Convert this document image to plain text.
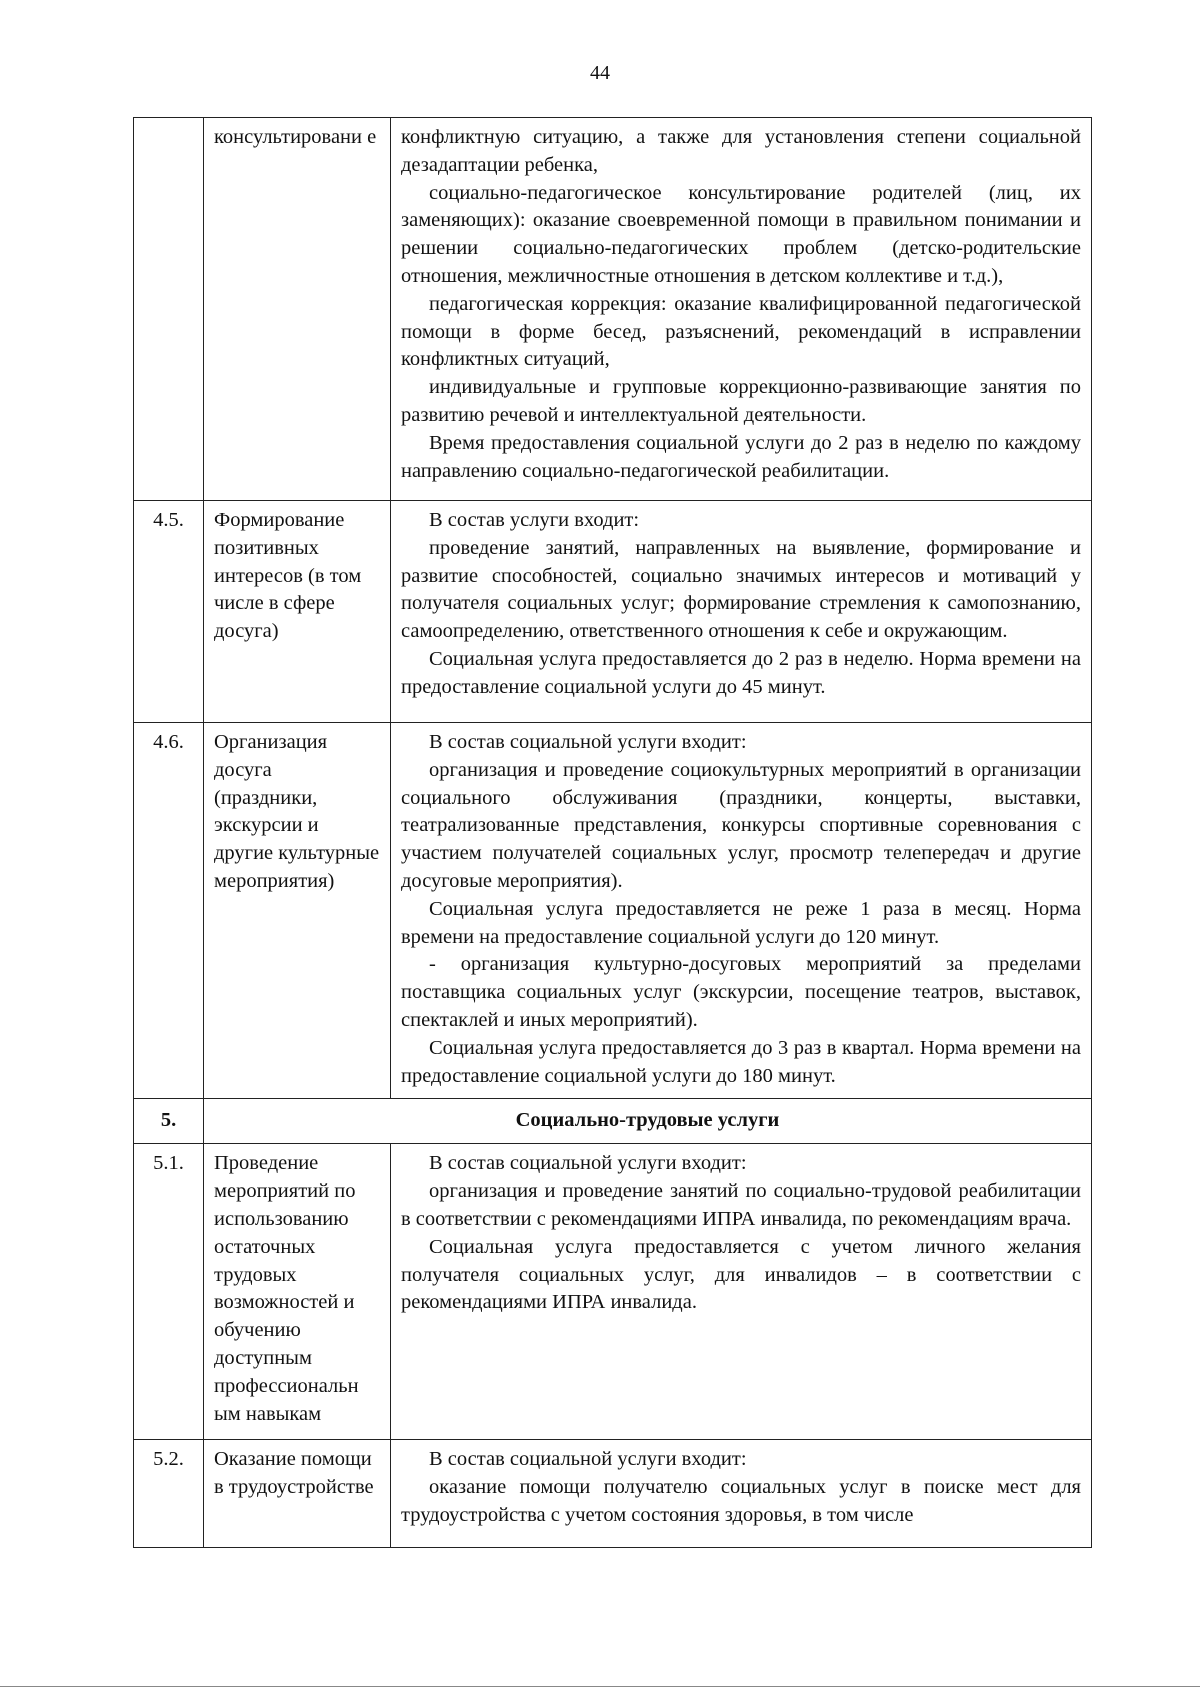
44
	консультировани е	конфликтную ситуацию, а также для установления степени социальной дезадаптации ребенка,

социально-педагогическое консультирование родителей (лиц, их заменяющих): оказание своевременной помощи в правильном понимании и решении социально-педагогических проблем (детско-родительские отношения, межличностные отношения в детском коллективе и т.д.),

педагогическая коррекция: оказание квалифицированной педагогической помощи в форме бесед, разъяснений, рекомендаций в исправлении конфликтных ситуаций,

индивидуальные и групповые коррекционно-развивающие занятия по развитию речевой и интеллектуальной деятельности.

Время предоставления социальной услуги до 2 раз в неделю по каждому направлению социально-педагогической реабилитации.

4.5.	Формирование позитивных интересов (в том числе в сфере досуга)	В состав услуги входит:

проведение занятий, направленных на выявление, формирование и развитие способностей, социально значимых интересов и мотиваций у получателя социальных услуг; формирование стремления к самопознанию, самоопределению, ответственного отношения к себе и окружающим.

Социальная услуга предоставляется до 2 раз в неделю. Норма времени на предоставление социальной услуги до 45 минут.

4.6.	Организация досуга (праздники, экскурсии и другие культурные мероприятия)	В состав социальной услуги входит:

организация и проведение социокультурных мероприятий в организации социального обслуживания (праздники, концерты, выставки, театрализованные представления, конкурсы спортивные соревнования с участием получателей социальных услуг, просмотр телепередач и другие досуговые мероприятия).

Социальная услуга предоставляется не реже 1 раза в месяц. Норма времени на предоставление социальной услуги до 120 минут.

- организация культурно-досуговых мероприятий за пределами поставщика социальных услуг (экскурсии, посещение театров, выставок, спектаклей и иных мероприятий).

Социальная услуга предоставляется до 3 раз в квартал. Норма времени на предоставление социальной услуги до 180 минут.

5.	Социально-трудовые услуги	
5.1.	Проведение мероприятий по использованию остаточных трудовых возможностей и обучению доступным профессиональн ым навыкам	В состав социальной услуги входит:

организация и проведение занятий по социально-трудовой реабилитации в соответствии с рекомендациями ИПРА инвалида, по рекомендациям врача.

Социальная услуга предоставляется с учетом личного желания получателя социальных услуг, для инвалидов – в соответствии с рекомендациями ИПРА инвалида.

5.2.	Оказание помощи в трудоустройстве	В состав социальной услуги входит:

оказание помощи получателю социальных услуг в поиске мест для трудоустройства с учетом состояния здоровья, в том числе
